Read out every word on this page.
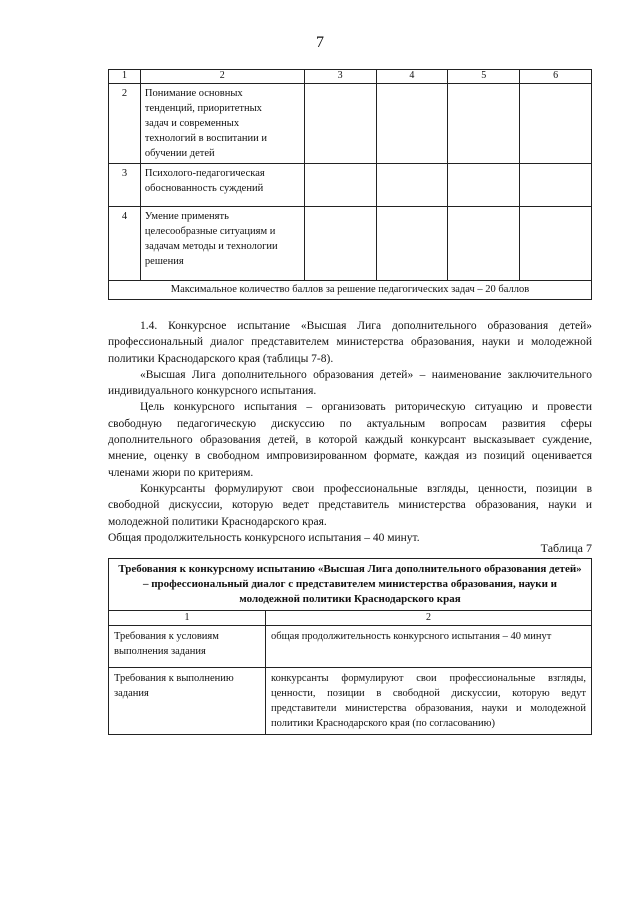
7
1	2	3	4	5	6
2	Понимание основных
тенденций, приоритетных
задач и современных
технологий в воспитании и
обучении детей				

3	Психолого-педагогическая
обоснованность суждений				

4	Умение применять
целесообразные ситуациям и
задачам методы и технологии
решения				

Максимальное количество баллов за решение педагогических задач – 20 баллов					

1.4. Конкурсное испытание «Высшая Лига дополнительного образования детей» профессиональный диалог представителем министерства образования, науки и молодежной политики Краснодарского края (таблицы 7-8).

«Высшая Лига дополнительного образования детей» – наименование заключительного индивидуального конкурсного испытания.

Цель конкурсного испытания – организовать риторическую ситуацию и провести свободную педагогическую дискуссию по актуальным вопросам развития сферы дополнительного образования детей, в которой каждый конкурсант высказывает суждение, мнение, оценку в свободном импровизированном формате, каждая из позиций оценивается членами жюри по критериям.

Конкурсанты формулируют свои профессиональные взгляды, ценности, позиции в свободной дискуссии, которую ведет представитель министерства образования, науки и молодежной политики Краснодарского края.

Общая продолжительность конкурсного испытания – 40 минут.

Таблица 7
Требования к конкурсному испытанию «Высшая Лига дополнительного образования детей» – профессиональный диалог с представителем министерства образования, науки и молодежной политики Краснодарского края	
1	2
Требования к условиям выполнения задания	общая продолжительность конкурсного испытания – 40 минут
Требования к выполнению задания	конкурсанты формулируют свои профессиональные взгляды, ценности, позиции в свободной дискуссии, которую ведут представители министерства образования, науки и молодежной политики Краснодарского края (по согласованию)
